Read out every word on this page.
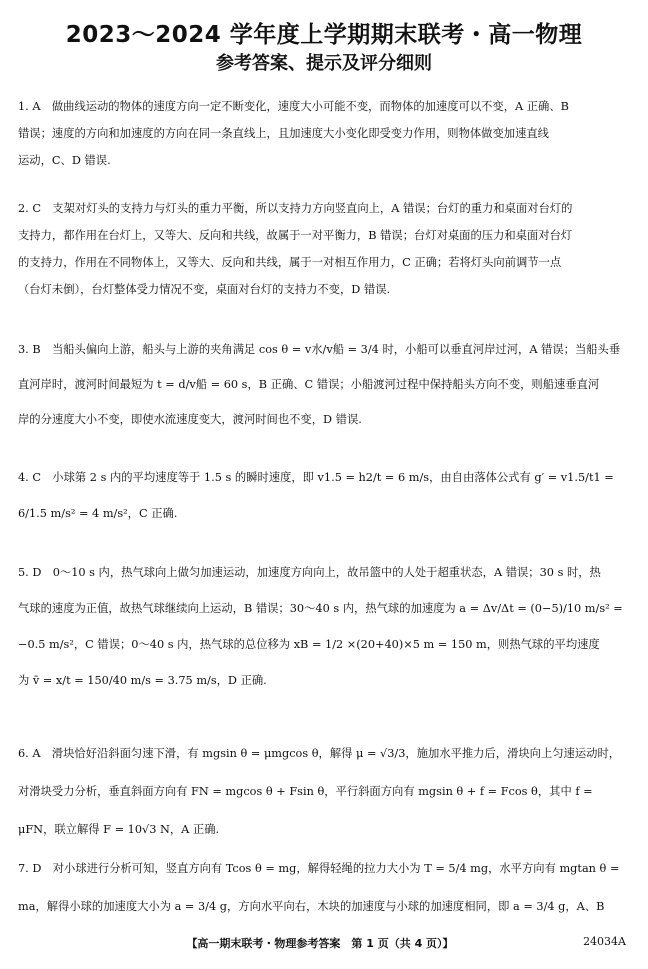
2023～2024 学年度上学期期末联考・高一物理
参考答案、提示及评分细则
1. A　做曲线运动的物体的速度方向一定不断变化，速度大小可能不变，而物体的加速度可以不变，A 正确、B
错误；速度的方向和加速度的方向在同一条直线上，且加速度大小变化即受变力作用，则物体做变加速直线
运动，C、D 错误.
2. C　支架对灯头的支持力与灯头的重力平衡，所以支持力方向竖直向上，A 错误；台灯的重力和桌面对台灯的
支持力，都作用在台灯上，又等大、反向和共线，故属于一对平衡力，B 错误；台灯对桌面的压力和桌面对台灯
的支持力，作用在不同物体上，又等大、反向和共线，属于一对相互作用力，C 正确；若将灯头向前调节一点
（台灯未倒），台灯整体受力情况不变，桌面对台灯的支持力不变，D 错误.
3. B　当船头偏向上游，船头与上游的夹角满足 cos θ = v水/v船 = 3/4 时，小船可以垂直河岸过河，A 错误；当船头垂
直河岸时，渡河时间最短为 t = d/v船 = 60 s，B 正确、C 错误；小船渡河过程中保持船头方向不变，则船速垂直河
岸的分速度大小不变，即使水流速度变大，渡河时间也不变，D 错误.
4. C　小球第 2 s 内的平均速度等于 1.5 s 的瞬时速度，即 v1.5 = h2/t = 6 m/s，由自由落体公式有 g′ = v1.5/t1 =
6/1.5 m/s² = 4 m/s²，C 正确.
5. D　0～10 s 内，热气球向上做匀加速运动，加速度方向向上，故吊篮中的人处于超重状态，A 错误；30 s 时，热
气球的速度为正值，故热气球继续向上运动，B 错误；30～40 s 内，热气球的加速度为 a = Δv/Δt = (0−5)/10 m/s² =
−0.5 m/s²，C 错误；0～40 s 内，热气球的总位移为 xB = 1/2 ×(20+40)×5 m = 150 m，则热气球的平均速度
为 v̄ = x/t = 150/40 m/s = 3.75 m/s，D 正确.
6. A　滑块恰好沿斜面匀速下滑，有 mgsin θ = μmgcos θ，解得 μ = √3/3，施加水平推力后，滑块向上匀速运动时，
对滑块受力分析，垂直斜面方向有 FN = mgcos θ + Fsin θ，平行斜面方向有 mgsin θ + f = Fcos θ，其中 f =
μFN，联立解得 F = 10√3 N，A 正确.
7. D　对小球进行分析可知，竖直方向有 Tcos θ = mg，解得轻绳的拉力大小为 T = 5/4 mg，水平方向有 mgtan θ =
ma，解得小球的加速度大小为 a = 3/4 g，方向水平向右，木块的加速度与小球的加速度相同，即 a = 3/4 g，A、B
【高一期末联考・物理参考答案　第 1 页（共 4 页）】	24034A
